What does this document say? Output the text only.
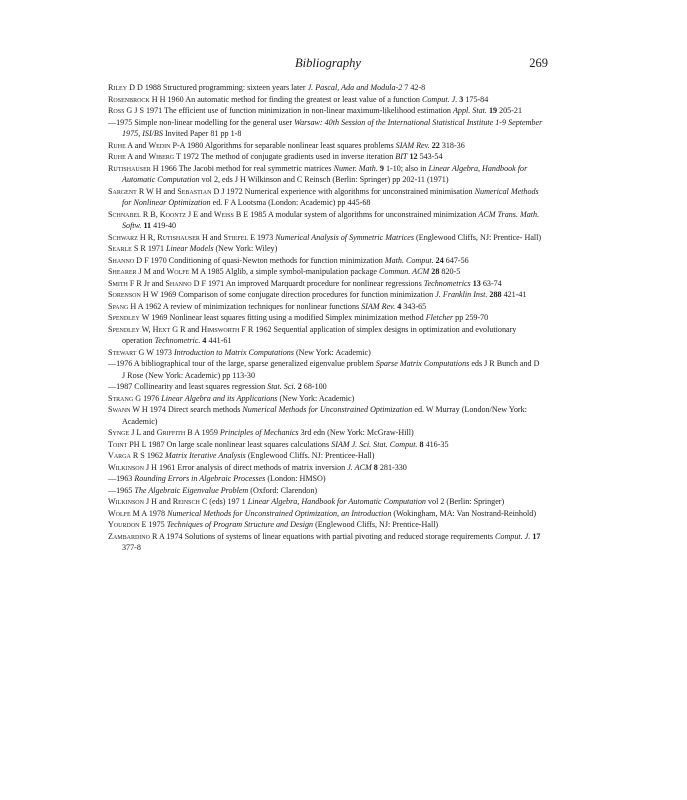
Bibliography	269
Riley D D 1988 Structured programming: sixteen years later J. Pascal, Ada and Modula-2 7 42-8
Rosenbrock H H 1960 An automatic method for finding the greatest or least value of a function Comput. J. 3 175-84
Ross G J S 1971 The efficient use of function minimization in non-linear maximum-likelihood estimation Appl. Stat. 19 205-21
—1975 Simple non-linear modelling for the general user Warsaw: 40th Session of the International Statistical Institute 1-9 September 1975, ISI/BS Invited Paper 81 pp 1-8
Ruhe A and Wedin P-A 1980 Algorithms for separable nonlinear least squares problems SIAM Rev. 22 318-36
Ruhe A and Wiberg T 1972 The method of conjugate gradients used in inverse iteration BIT 12 543-54
Rutishauser H 1966 The Jacobi method for real symmetric matrices Numer. Math. 9 1-10; also in Linear Algebra, Handbook for Automatic Computation vol 2, eds J H Wilkinson and C Reinsch (Berlin: Springer) pp 202-11 (1971)
Sargent R W H and Sebastian D J 1972 Numerical experience with algorithms for unconstrained minimisation Numerical Methods for Nonlinear Optimization ed. F A Lootsma (London: Academic) pp 445-68
Schnabel R B, Koontz J E and Weiss B E 1985 A modular system of algorithms for unconstrained minimization ACM Trans. Math. Softw. 11 419-40
Schwarz H R, Rutishauser H and Stiefel E 1973 Numerical Analysis of Symmetric Matrices (Englewood Cliffs, NJ: Prentice- Hall)
Searle S R 1971 Linear Models (New York: Wiley)
Shanno D F 1970 Conditioning of quasi-Newton methods for function minimization Math. Comput. 24 647-56
Shearer J M and Wolfe M A 1985 Alglib, a simple symbol-manipulation package Commun. ACM 28 820-5
Smith F R Jr and Shanno D F 1971 An improved Marquardt procedure for nonlinear regressions Technometrics 13 63-74
Sorenson H W 1969 Comparison of some conjugate direction procedures for function minimization J. Franklin Inst. 288 421-41
Spang H A 1962 A review of minimization techniques for nonlinear functions SIAM Rev. 4 343-65
Spendley W 1969 Nonlinear least squares fitting using a modified Simplex minimization method Fletcher pp 259-70
Spendley W, Hext G R and Himsworth F R 1962 Sequential application of simplex designs in optimization and evolutionary operation Technometric. 4 441-61
Stewart G W 1973 Introduction to Matrix Computations (New York: Academic)
—1976 A bibliographical tour of the large, sparse generalized eigenvalue problem Sparse Matrix Computations eds J R Bunch and D J Rose (New York: Academic) pp 113-30
—1987 Collinearity and least squares regression Stat. Sci. 2 68-100
Strang G 1976 Linear Algebra and its Applications (New York: Academic)
Swann W H 1974 Direct search methods Numerical Methods for Unconstrained Optimization ed. W Murray (London/New York: Academic)
Synge J L and Griffith B A 1959 Principles of Mechanics 3rd edn (New York: McGraw-Hill)
Toint PH L 1987 On large scale nonlinear least squares calculations SIAM J. Sci. Stat. Comput. 8 416-35
Varga R S 1962 Matrix Iterative Analysis (Englewood Cliffs. NJ: Prenticee-Hall)
Wilkinson J H 1961 Error analysis of direct methods of matrix inversion J. ACM 8 281-330
—1963 Rounding Errors in Algebraic Processes (London: HMSO)
—1965 The Algebraic Eigenvalue Problem (Oxford: Clarendon)
Wilkinson J H and Reinsch C (eds) 197 1 Linear Algebra, Handbook for Automatic Computation vol 2 (Berlin: Springer)
Wolfe M A 1978 Numerical Methods for Unconstrained Optimization, an Introduction (Wokingham, MA: Van Nostrand-Reinhold)
Yourdon E 1975 Techniques of Program Structure and Design (Englewood Cliffs, NJ: Prentice-Hall)
Zambardino R A 1974 Solutions of systems of linear equations with partial pivoting and reduced storage requirements Comput. J. 17 377-8
